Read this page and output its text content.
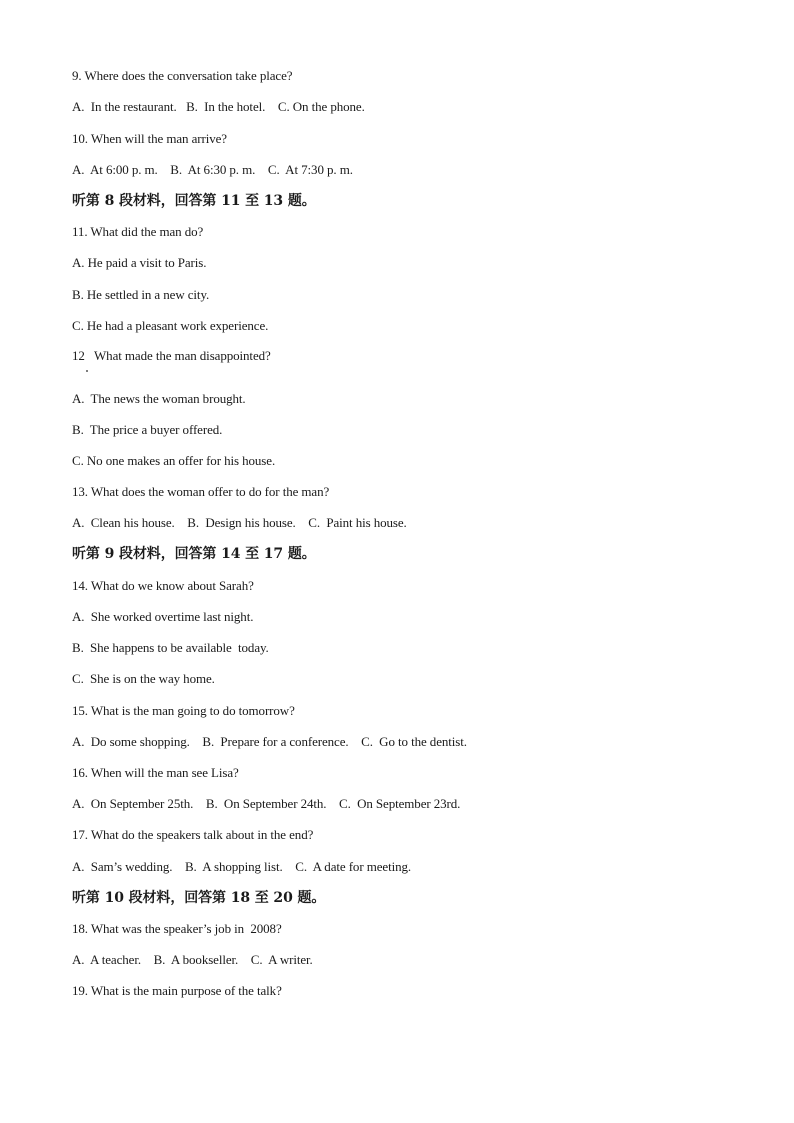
9. Where does the conversation take place?
A.  In the restaurant.   B.  In the hotel.    C. On the phone.
10. When will the man arrive?
A.  At 6:00 p. m.    B.  At 6:30 p. m.    C.  At 7:30 p. m.
听第 8 段材料，回答第 11 至 13 题。
11. What did the man do?
A. He paid a visit to Paris.
B. He settled in a new city.
C. He had a pleasant work experience.
12   What made the man disappointed?
A.  The news the woman brought.
B.  The price a buyer offered.
C. No one makes an offer for his house.
13. What does the woman offer to do for the man?
A.  Clean his house.    B.  Design his house.    C.  Paint his house.
听第 9 段材料，回答第 14 至 17 题。
14. What do we know about Sarah?
A.  She worked overtime last night.
B.  She happens to be available  today.
C.  She is on the way home.
15. What is the man going to do tomorrow?
A.  Do some shopping.    B.  Prepare for a conference.    C.  Go to the dentist.
16. When will the man see Lisa?
A.  On September 25th.    B.  On September 24th.    C.  On September 23rd.
17. What do the speakers talk about in the end?
A.  Sam’s wedding.    B.  A shopping list.    C.  A date for meeting.
听第 10 段材料，回答第 18 至 20 题。
18. What was the speaker’s job in  2008?
A.  A teacher.    B.  A bookseller.    C.  A writer.
19. What is the main purpose of the talk?
